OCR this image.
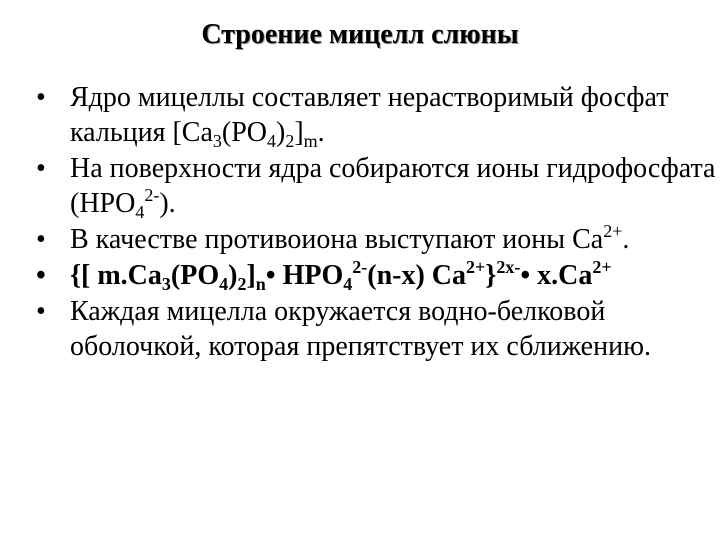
Строение мицелл слюны
• Ядро мицеллы составляет нерастворимый фосфат кальция $[Ca_3(PO_4)_2]_m$.
• На поверхности ядра собираются ионы гидрофосфата $(HPO_4^{2-})$.
• В качестве противоиона выступают ионы $Ca^{2+}$.
• {[ $m.Ca_3(PO_4)_2]_n•$ $HPO_4^{2-}(n-x)$ $Ca^{2+}\}^{2x-}•$ $x.Ca^{2+}$
• Каждая мицелла окружается водно-белковой оболочкой, которая препятствует их сближению.
